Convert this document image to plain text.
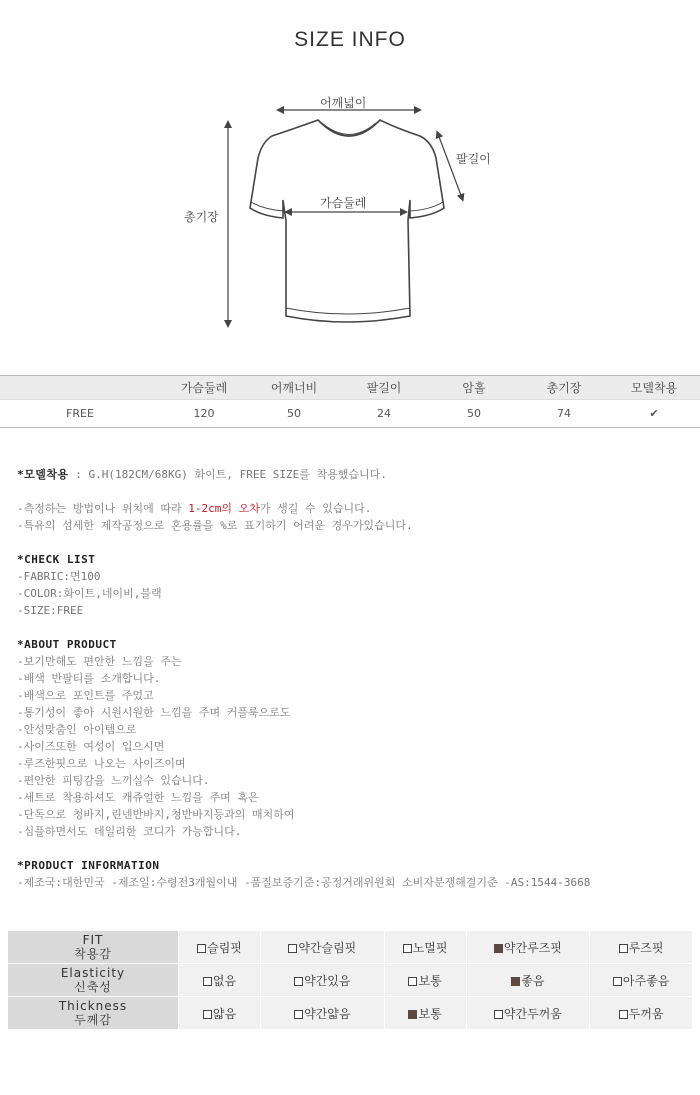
SIZE INFO
어깨넓이
팔길이
가슴둘레
총기장
	가슴둘레	어깨너비	팔길이	암홀	총기장	모델착용
FREE	120	50	24	50	74	✔
*모델착용 : G.H(182CM/68KG) 화이트, FREE SIZE를 착용했습니다.
-측정하는 방법이나 위치에 따라 1-2cm의 오차가 생길 수 있습니다.
-특유의 섬세한 제작공정으로 혼용률을 %로 표기하기 어려운 경우가있습니다.
*CHECK LIST
-FABRIC:면100
-COLOR:화이트,네이비,블랙
-SIZE:FREE
*ABOUT PRODUCT
-보기만해도 편안한 느낌을 주는
-배색 반팔티를 소개합니다.
-배색으로 포인트를 주었고
-통기성이 좋아 시원시원한 느낌을 주며 커플룩으로도
-안성맞춤인 아이템으로
-사이즈또한 여성이 입으시면
-루즈한핏으로 나오는 사이즈이며
-편안한 피팅감을 느끼실수 있습니다.
-세트로 착용하셔도 캐쥬얼한 느낌을 주며 혹은
-단독으로 청바지,린넨반바지,청반바지등과의 매치하여
-심플하면서도 데일리한 코디가 가능합니다.
*PRODUCT INFORMATION
-제조국:대한민국 -제조일:수령전3개월이내 -품질보증기준:공정거래위원회 소비자분쟁해결기준 -AS:1544-3668
FIT
착용감	슬림핏	약간슬림핏	노멀핏	약간루즈핏	루즈핏

Elasticity
신축성	없음	약간있음	보통	좋음	아주좋음

Thickness
두께감	얇음	약간얇음	보통	약간두꺼움	두꺼움
